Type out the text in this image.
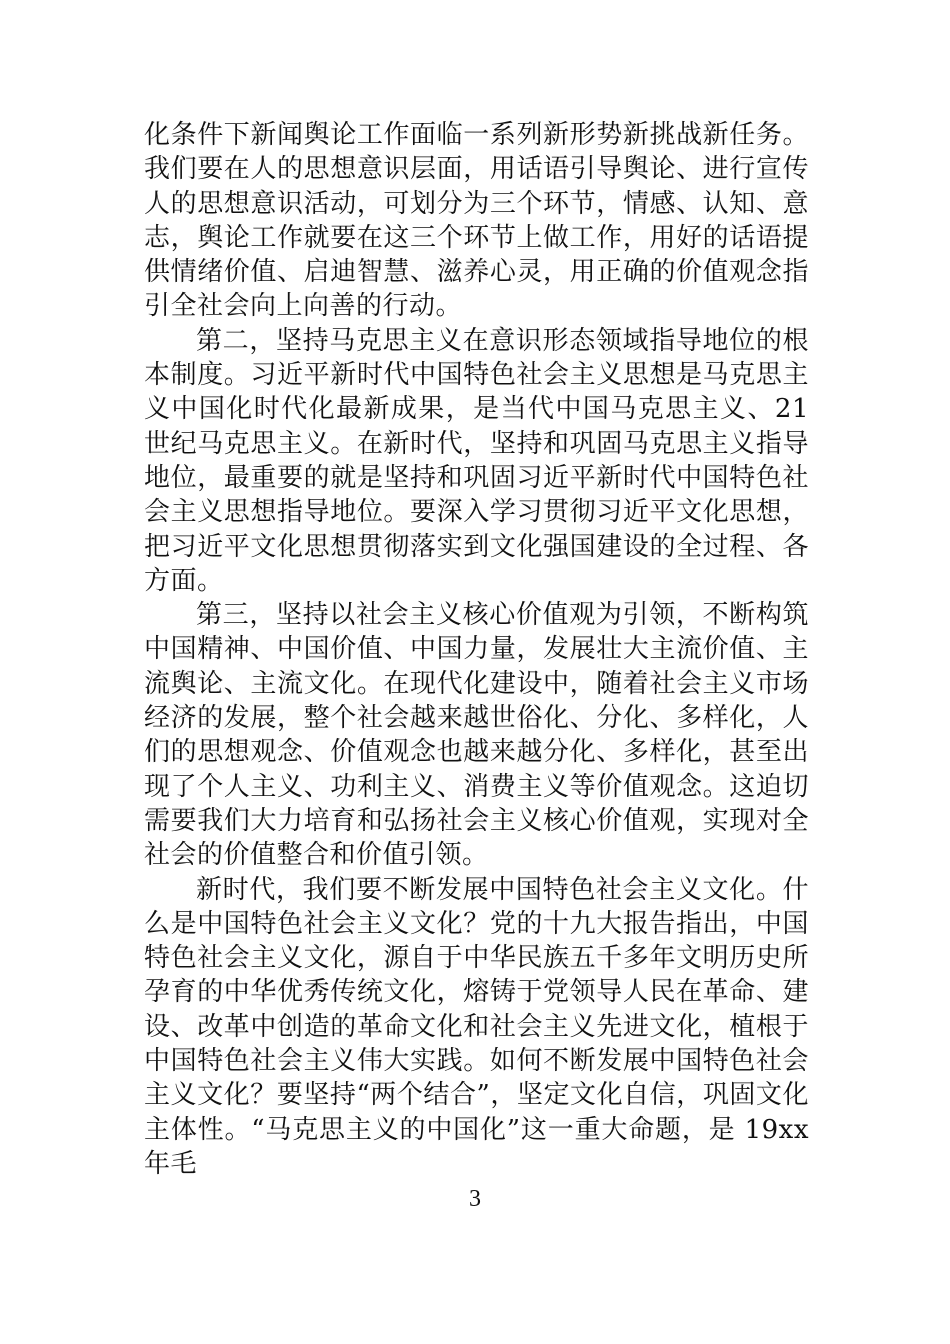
化条件下新闻舆论工作面临一系列新形势新挑战新任务。我们要在人的思想意识层面，用话语引导舆论、进行宣传人的思想意识活动，可划分为三个环节，情感、认知、意志，舆论工作就要在这三个环节上做工作，用好的话语提供情绪价值、启迪智慧、滋养心灵，用正确的价值观念指引全社会向上向善的行动。

第二，坚持马克思主义在意识形态领域指导地位的根本制度。习近平新时代中国特色社会主义思想是马克思主义中国化时代化最新成果，是当代中国马克思主义、21世纪马克思主义。在新时代，坚持和巩固马克思主义指导地位，最重要的就是坚持和巩固习近平新时代中国特色社会主义思想指导地位。要深入学习贯彻习近平文化思想，把习近平文化思想贯彻落实到文化强国建设的全过程、各方面。

第三，坚持以社会主义核心价值观为引领，不断构筑中国精神、中国价值、中国力量，发展壮大主流价值、主流舆论、主流文化。在现代化建设中，随着社会主义市场经济的发展，整个社会越来越世俗化、分化、多样化，人们的思想观念、价值观念也越来越分化、多样化，甚至出现了个人主义、功利主义、消费主义等价值观念。这迫切需要我们大力培育和弘扬社会主义核心价值观，实现对全社会的价值整合和价值引领。

新时代，我们要不断发展中国特色社会主义文化。什么是中国特色社会主义文化？党的十九大报告指出，中国特色社会主义文化，源自于中华民族五千多年文明历史所孕育的中华优秀传统文化，熔铸于党领导人民在革命、建设、改革中创造的革命文化和社会主义先进文化，植根于中国特色社会主义伟大实践。如何不断发展中国特色社会主义文化？要坚持“两个结合”，坚定文化自信，巩固文化主体性。“马克思主义的中国化”这一重大命题，是 19xx 年毛

3
